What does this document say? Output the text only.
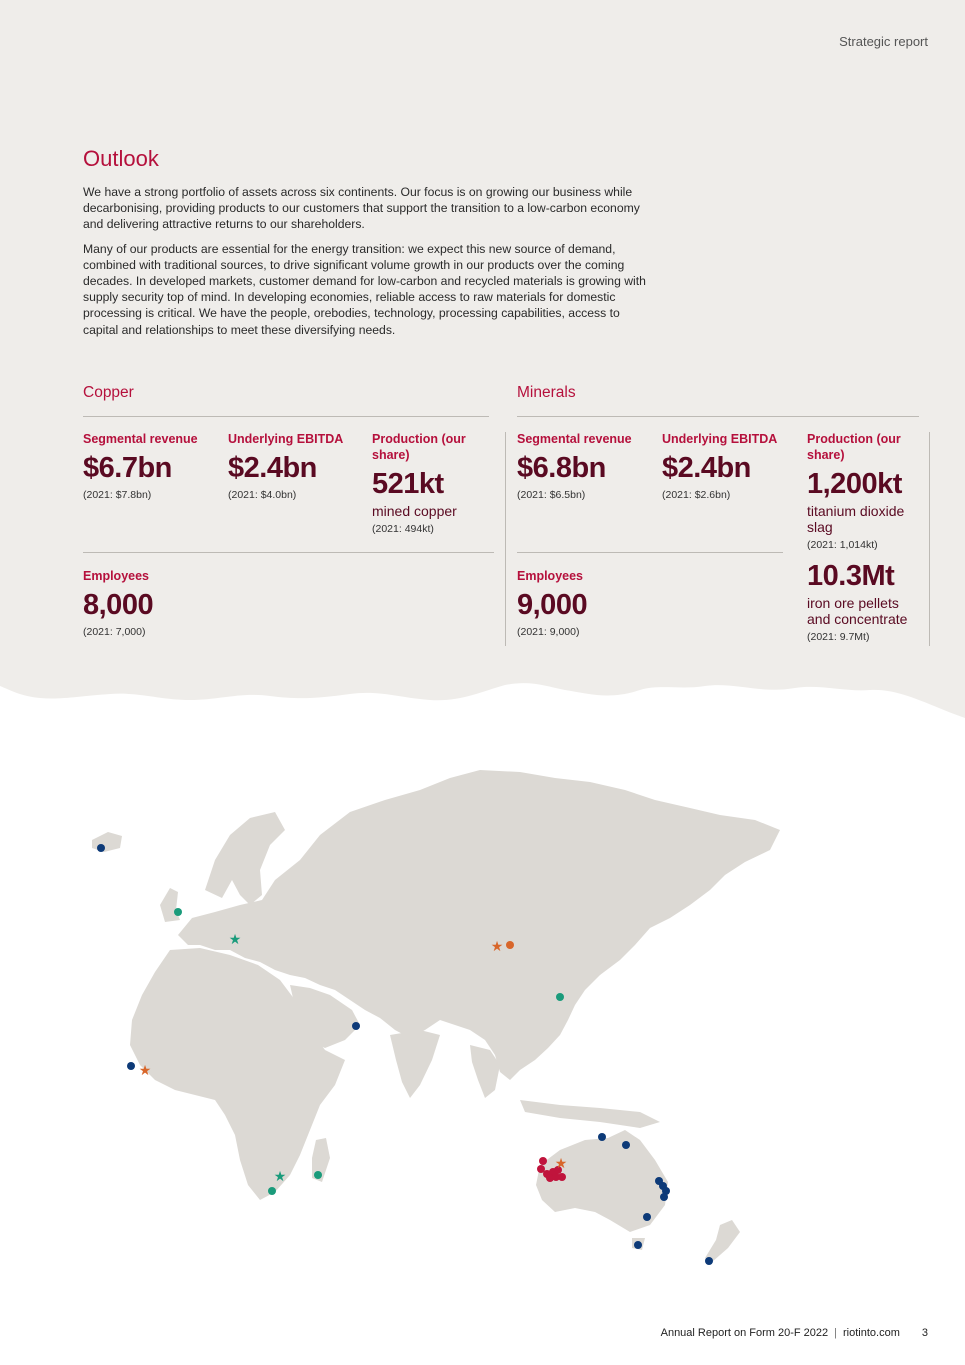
Strategic report
Outlook

We have a strong portfolio of assets across six continents. Our focus is on growing our business while decarbonising, providing products to our customers that support the transition to a low-carbon economy and delivering attractive returns to our shareholders.

Many of our products are essential for the energy transition: we expect this new source of demand, combined with traditional sources, to drive significant volume growth in our products over the coming decades. In developed markets, customer demand for low-carbon and recycled materials is growing with supply security top of mind. In developing economies, reliable access to raw materials for domestic processing is critical. We have the people, orebodies, technology, processing capabilities, access to capital and relationships to meet these diversifying needs.

Copper
Segmental revenue
$6.7bn
(2021: $7.8bn)
Underlying EBITDA
$2.4bn
(2021: $4.0bn)
Production (our share)
521kt
mined copper
(2021: 494kt)
Employees
8,000
(2021: 7,000)
Minerals
Segmental revenue
$6.8bn
(2021: $6.5bn)
Underlying EBITDA
$2.4bn
(2021: $2.6bn)
Production (our share)
1,200kt
titanium dioxide slag
(2021: 1,014kt)
10.3Mt
iron ore pellets and concentrate
(2021: 9.7Mt)
Employees
9,000
(2021: 9,000)
★	★
★
★
★
Annual Report on Form 20-F 2022 | riotinto.com 3
